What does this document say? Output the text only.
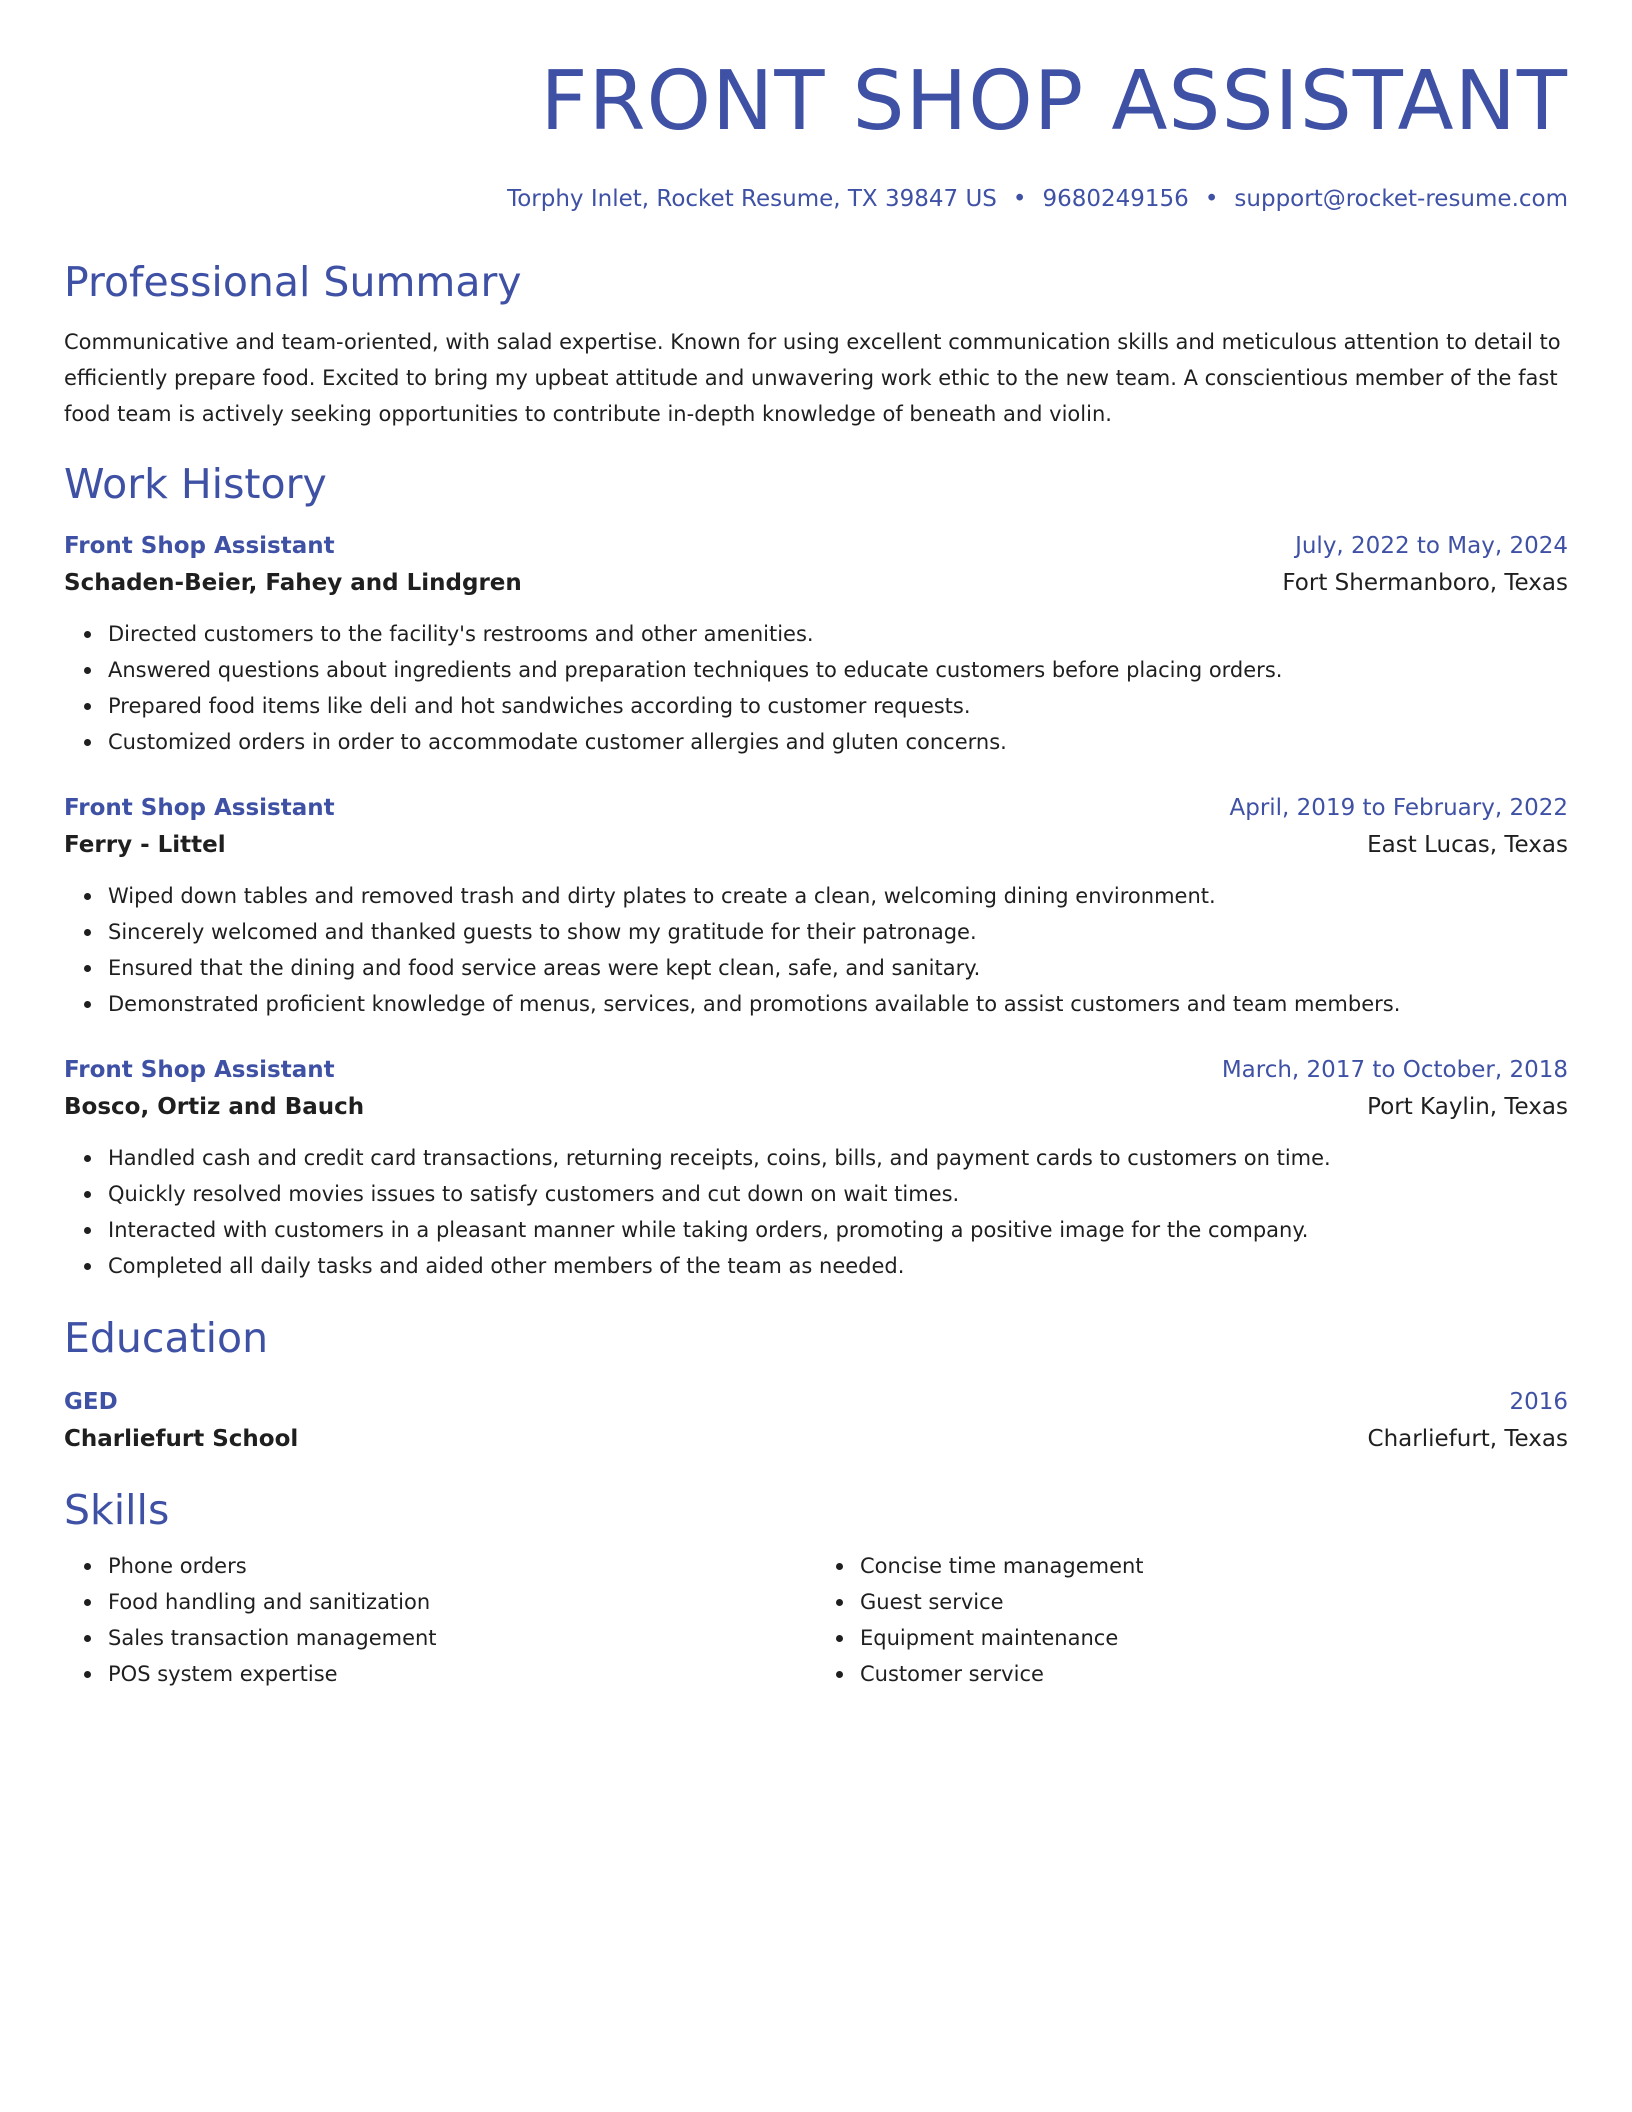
FRONT SHOP ASSISTANT
Torphy Inlet, Rocket Resume, TX 39847 US • 9680249156 • support@rocket-resume.com
Professional Summary
Communicative and team-oriented, with salad expertise. Known for using excellent communication skills and meticulous attention to detail to efficiently prepare food. Excited to bring my upbeat attitude and unwavering work ethic to the new team. A conscientious member of the fast food team is actively seeking opportunities to contribute in-depth knowledge of beneath and violin.
Work History
Front Shop Assistant	July, 2022 to May, 2024
Schaden-Beier, Fahey and Lindgren	Fort Shermanboro, Texas
Directed customers to the facility's restrooms and other amenities.
Answered questions about ingredients and preparation techniques to educate customers before placing orders.
Prepared food items like deli and hot sandwiches according to customer requests.
Customized orders in order to accommodate customer allergies and gluten concerns.
Front Shop Assistant	April, 2019 to February, 2022
Ferry - Littel	East Lucas, Texas
Wiped down tables and removed trash and dirty plates to create a clean, welcoming dining environment.
Sincerely welcomed and thanked guests to show my gratitude for their patronage.
Ensured that the dining and food service areas were kept clean, safe, and sanitary.
Demonstrated proficient knowledge of menus, services, and promotions available to assist customers and team members.
Front Shop Assistant	March, 2017 to October, 2018
Bosco, Ortiz and Bauch	Port Kaylin, Texas
Handled cash and credit card transactions, returning receipts, coins, bills, and payment cards to customers on time.
Quickly resolved movies issues to satisfy customers and cut down on wait times.
Interacted with customers in a pleasant manner while taking orders, promoting a positive image for the company.
Completed all daily tasks and aided other members of the team as needed.
Education
GED	2016
Charliefurt School	Charliefurt, Texas
Skills
Phone orders
Food handling and sanitization
Sales transaction management
POS system expertise
Concise time management
Guest service
Equipment maintenance
Customer service
